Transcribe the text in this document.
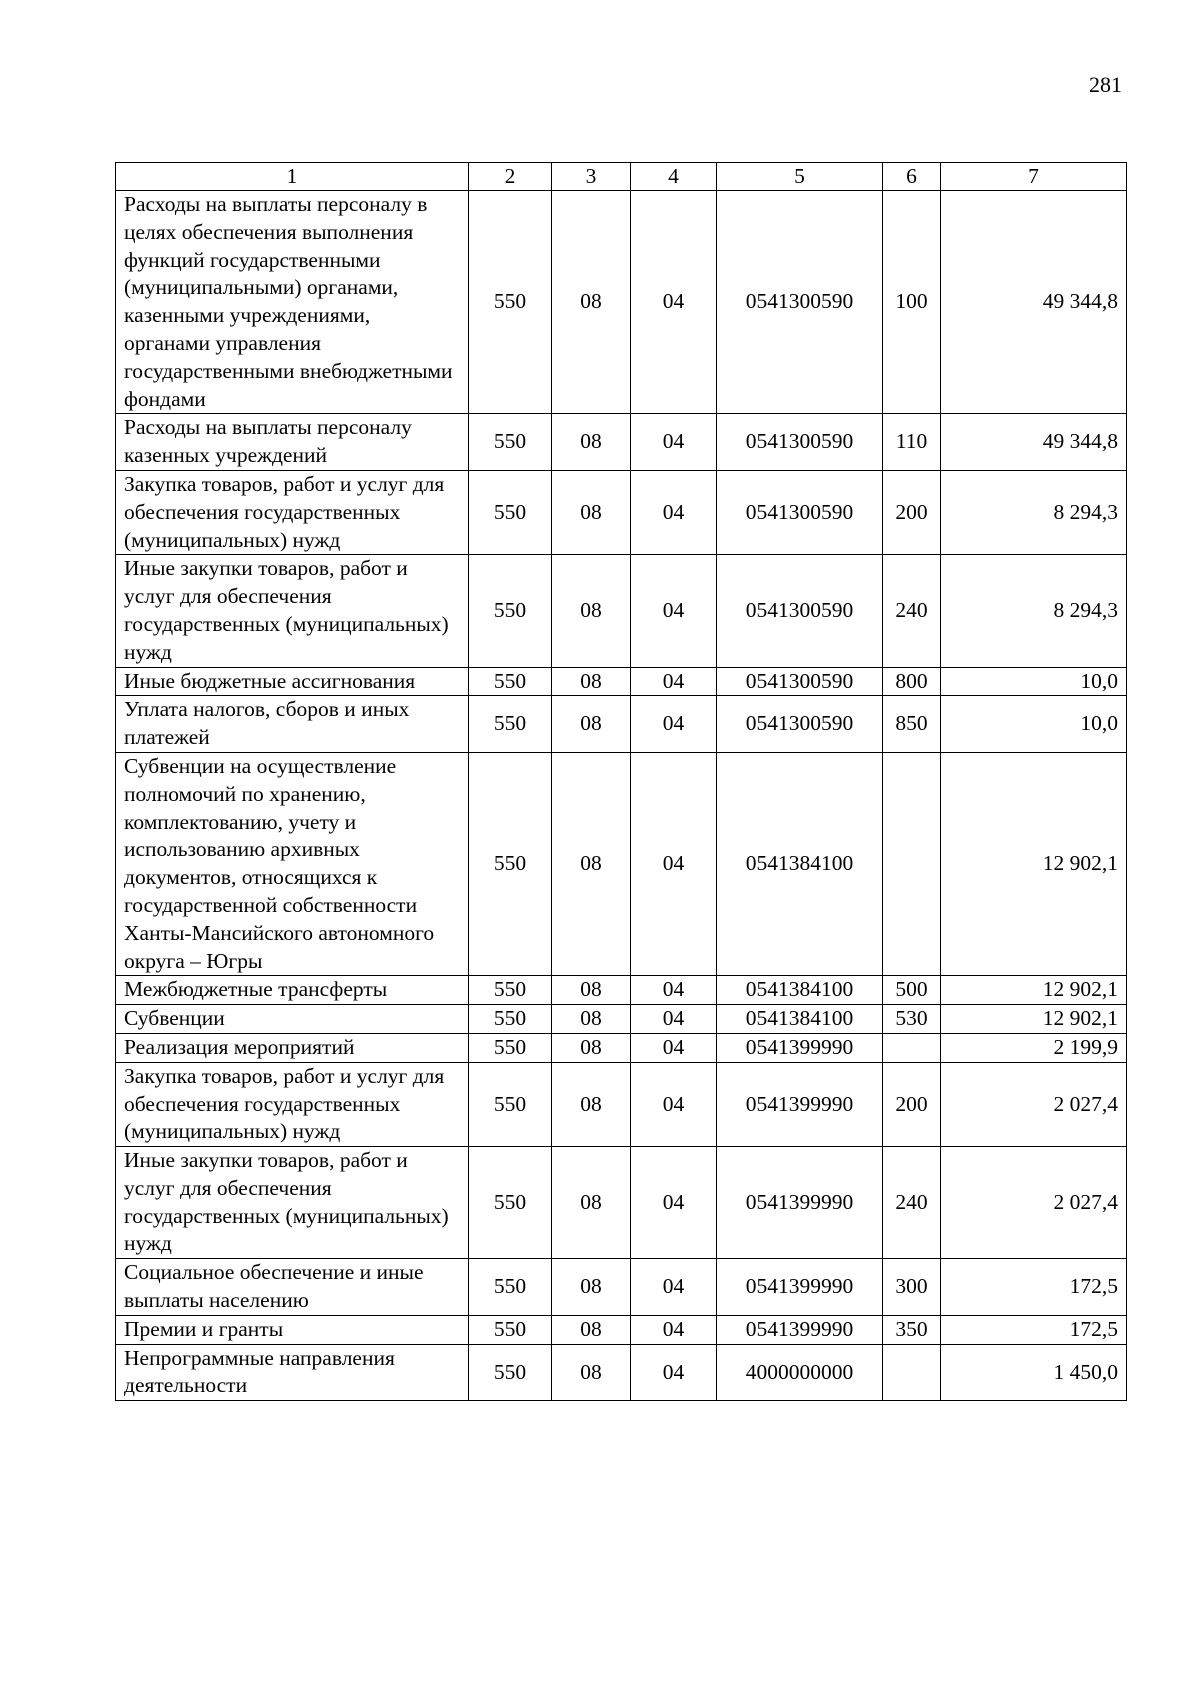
281
1	2	3	4	5	6	7
Расходы на выплаты персоналу в целях обеспечения выполнения функций государственными (муниципальными) органами, казенными учреждениями, органами управления государственными внебюджетными фондами	550	08	04	0541300590	100	49 344,8
Расходы на выплаты персоналу казенных учреждений	550	08	04	0541300590	110	49 344,8
Закупка товаров, работ и услуг для обеспечения государственных (муниципальных) нужд	550	08	04	0541300590	200	8 294,3
Иные закупки товаров, работ и услуг для обеспечения государственных (муниципальных) нужд	550	08	04	0541300590	240	8 294,3
Иные бюджетные ассигнования	550	08	04	0541300590	800	10,0
Уплата налогов, сборов и иных платежей	550	08	04	0541300590	850	10,0
Субвенции на осуществление полномочий по хранению, комплектованию, учету и использованию архивных документов, относящихся к государственной собственности Ханты-Мансийского автономного округа – Югры	550	08	04	0541384100		12 902,1
Межбюджетные трансферты	550	08	04	0541384100	500	12 902,1
Субвенции	550	08	04	0541384100	530	12 902,1
Реализация мероприятий	550	08	04	0541399990		2 199,9
Закупка товаров, работ и услуг для обеспечения государственных (муниципальных) нужд	550	08	04	0541399990	200	2 027,4
Иные закупки товаров, работ и услуг для обеспечения государственных (муниципальных) нужд	550	08	04	0541399990	240	2 027,4
Социальное обеспечение и иные выплаты населению	550	08	04	0541399990	300	172,5
Премии и гранты	550	08	04	0541399990	350	172,5
Непрограммные направления деятельности	550	08	04	4000000000		1 450,0
